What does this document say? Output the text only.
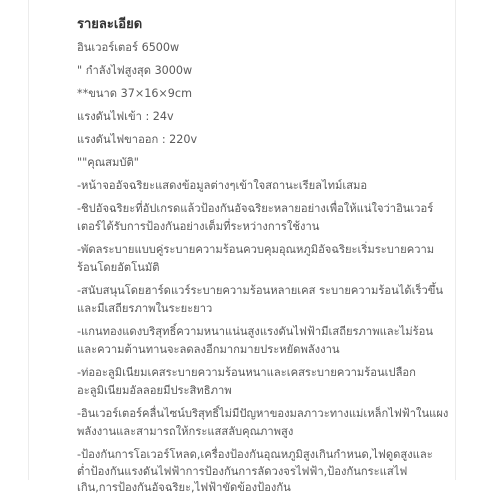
รายละเอียด

อินเวอร์เตอร์ 6500w

" กำลังไฟสูงสุด 3000w

**ขนาด 37×16×9cm

แรงดันไฟเข้า : 24v

แรงดันไฟขาออก : 220v

""คุณสมบัติ"

-หน้าจออัจฉริยะแสดงข้อมูลต่างๆเข้าใจสถานะเรียลไทม์เสมอ

-ชิปอัจฉริยะที่อัปเกรดแล้วป้องกันอัจฉริยะหลายอย่างเพื่อให้แน่ใจว่าอินเวอร์

เตอร์ได้รับการป้องกันอย่างเต็มที่ระหว่างการใช้งาน

-พัดลระบายแบบคู่ระบายความร้อนควบคุมอุณหภูมิอัจฉริยะเริ่มระบายความ

ร้อนโดยอัตโนมัติ

-สนับสนุนโดยฮาร์ดแวร์ระบายความร้อนหลายเคส ระบายความร้อนได้เร็วขึ้น

และมีเสถียรภาพในระยะยาว

-แกนทองแดงบริสุทธิ์ความหนาแน่นสูงแรงดันไฟฟ้ามีเสถียรภาพและไม่ร้อน

และความต้านทานจะลดลงอีกมากมายประหยัดพลังงาน

-ท่ออะลูมิเนียมเคสระบายความร้อนหนาและเคสระบายความร้อนเปลือก

อะลูมิเนียมอัลลอยมีประสิทธิภาพ

-อินเวอร์เตอร์คลื่นไซน์บริสุทธิ์ไม่มีปัญหาของมลภาวะทางแม่เหล็กไฟฟ้าในแผง

พลังงานและสามารถให้กระแสสลับคุณภาพสูง

-ป้องกันการโอเวอร์โหลด,เครื่องป้องกันอุณหภูมิสูงเกินกำหนด,ไฟดูดสูงและ

ต่ำป้องกันแรงดันไฟฟ้าการป้องกันการลัดวงจรไฟฟ้า,ป้องกันกระแสไฟ

เกิน,การป้องกันอัจฉริยะ,ไฟฟ้าขัดข้องป้องกัน
